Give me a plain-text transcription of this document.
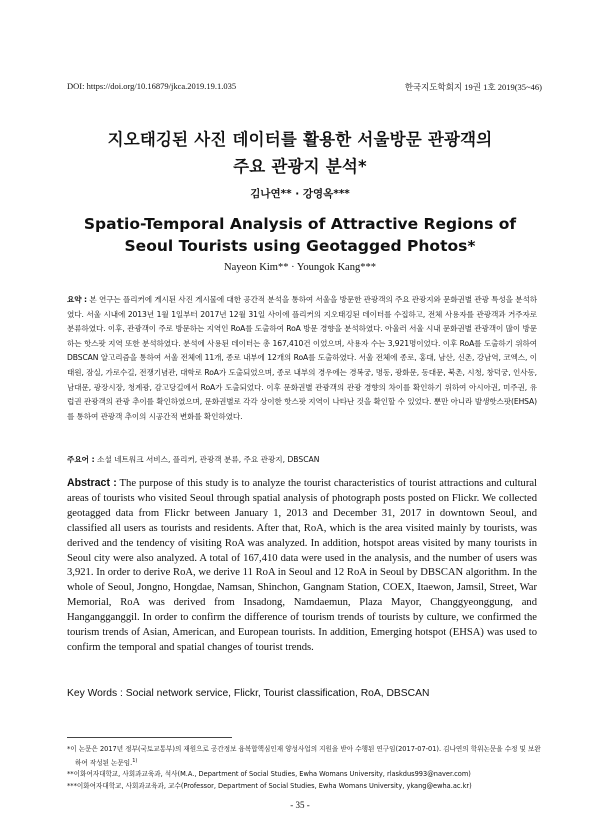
DOI: https://doi.org/10.16879/jkca.2019.19.1.035	한국지도학회지 19권 1호 2019(35~46)
지오태깅된 사진 데이터를 활용한 서울방문 관광객의
주요 관광지 분석*
김나연** · 강영옥***
Spatio-Temporal Analysis of Attractive Regions of
Seoul Tourists using Geotagged Photos*
Nayeon Kim** · Youngok Kang***
요약 : 본 연구는 플리커에 게시된 사진 게시물에 대한 공간적 분석을 통하여 서울을 방문한 관광객의 주요 관광지와 문화권별 관광 특성을 분석하였다. 서울 시내에 2013년 1월 1일부터 2017년 12월 31일 사이에 플리커의 지오태깅된 데이터를 수집하고, 전체 사용자를 관광객과 거주자로 분류하였다. 이후, 관광객이 주로 방문하는 지역인 RoA를 도출하여 RoA 방문 경향을 분석하였다. 아울러 서울 시내 문화권별 관광객이 많이 방문하는 핫스팟 지역 또한 분석하였다. 분석에 사용된 데이터는 총 167,410건 이었으며, 사용자 수는 3,921명이었다. 이후 RoA를 도출하기 위하여 DBSCAN 알고리즘을 통하여 서울 전체에 11개, 종로 내부에 12개의 RoA를 도출하였다. 서울 전체에 종로, 홍대, 남산, 신촌, 강남역, 코엑스, 이태원, 잠실, 가로수길, 전쟁기념관, 대학로 RoA가 도출되었으며, 종로 내부의 경우에는 경복궁, 명동, 광화문, 동대문, 북촌, 시청, 창덕궁, 인사동, 남대문, 광장시장, 청계광, 감고당길에서 RoA가 도출되었다. 이후 문화권별 관광객의 관광 경향의 차이를 확인하기 위하여 아시아권, 미주권, 유럽권 관광객의 관광 추이를 확인하였으며, 문화권별로 각각 상이한 핫스팟 지역이 나타난 것을 확인할 수 있었다. 뿐만 아니라 발생핫스팟(EHSA)를 통하여 관광객 추이의 시공간적 변화를 확인하였다.
주요어 : 소셜 네트워크 서비스, 플리커, 관광객 분류, 주요 관광지, DBSCAN
Abstract : The purpose of this study is to analyze the tourist characteristics of tourist attractions and cultural areas of tourists who visited Seoul through spatial analysis of photograph posts posted on Flickr. We collected geotagged data from Flickr between January 1, 2013 and December 31, 2017 in downtown Seoul, and classified all users as tourists and residents. After that, RoA, which is the area visited mainly by tourists, was derived and the tendency of visiting RoA was analyzed. In addition, hotspot areas visited by many tourists in Seoul city were also analyzed. A total of 167,410 data were used in the analysis, and the number of users was 3,921. In order to derive RoA, we derive 11 RoA in Seoul and 12 RoA in Seoul by DBSCAN algorithm. In the whole of Seoul, Jongno, Hongdae, Namsan, Shinchon, Gangnam Station, COEX, Itaewon, Jamsil, Street, War Memorial, RoA was derived from Insadong, Namdaemun, Plaza Mayor, Changgyeonggung, and Hangangganggil. In order to confirm the difference of tourism trends of tourists by culture, we confirmed the tourism trends of Asian, American, and European tourists. In addition, Emerging hotspot (EHSA) was used to confirm the temporal and spatial changes of tourist trends.
Key Words : Social network service, Flickr, Tourist classification, RoA, DBSCAN
*이 논문은 2017년 정부(국토교통부)의 재원으로 공간정보 융복합핵심인재 양성사업의 지원을 받아 수행된 연구임(2017-07-01). 김나연의 학위논문을 수정 및 보완하여 작성된 논문임.$^{1)}$
**이화여자대학교, 사회과교육과, 석사(M.A., Department of Social Studies, Ewha Womans University, rlaskdus993@naver.com)
***이화여자대학교, 사회과교육과, 교수(Professor, Department of Social Studies, Ewha Womans University, ykang@ewha.ac.kr)
- 35 -
